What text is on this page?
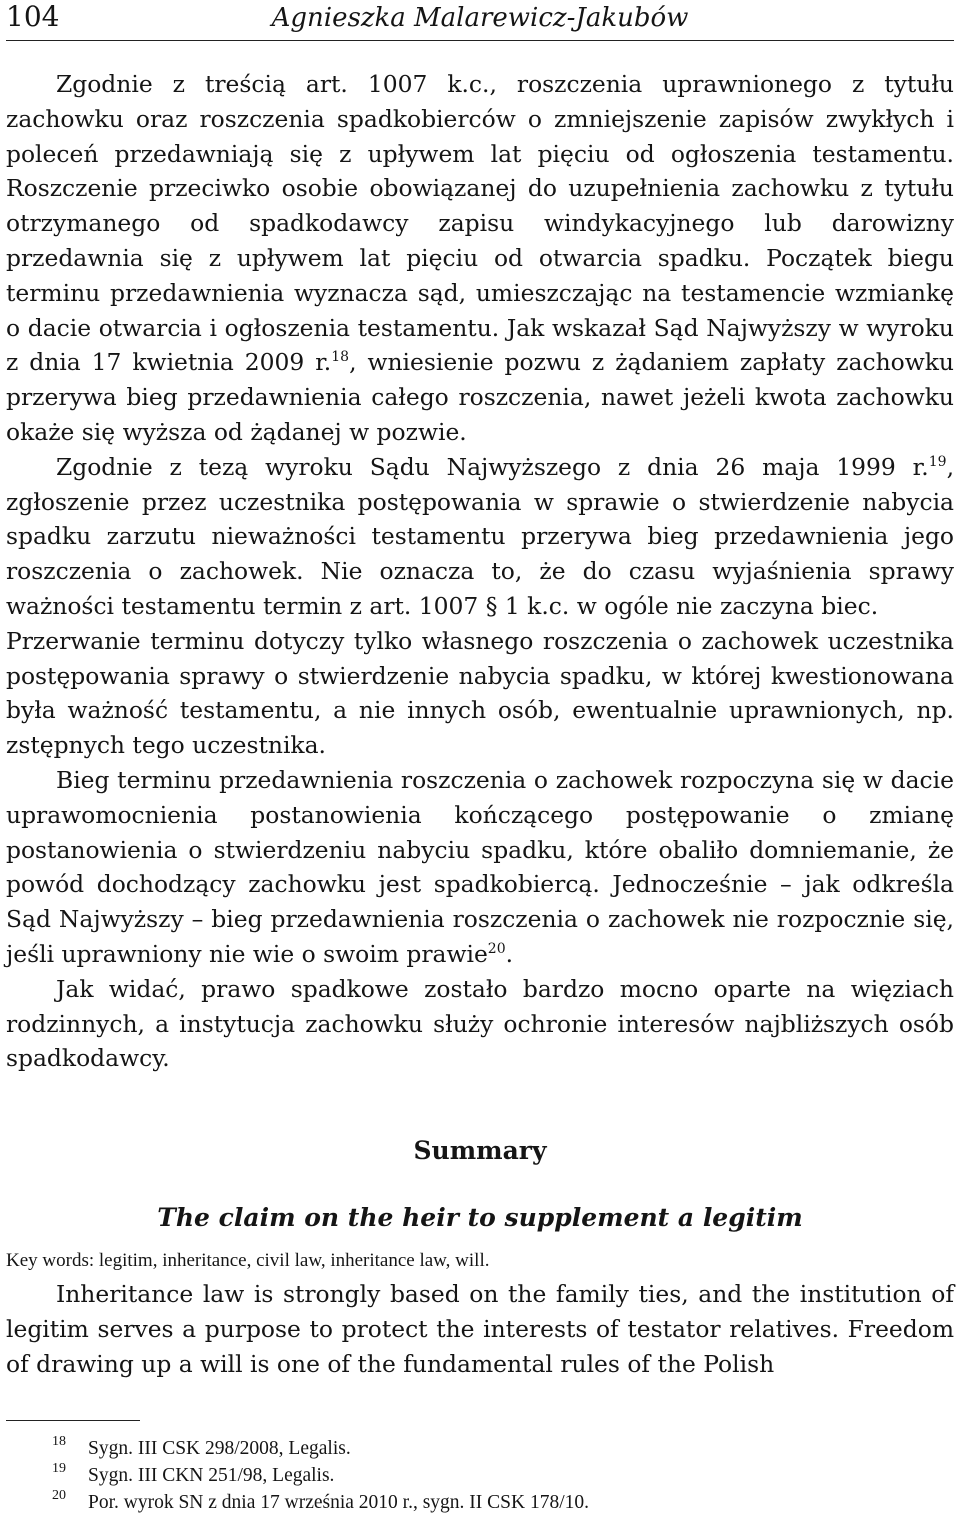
104	Agnieszka Malarewicz-Jakubów

Zgodnie z treścią art. 1007 k.c., roszczenia uprawnionego z tytułu zachowku oraz roszczenia spadkobierców o zmniejszenie zapisów zwykłych i poleceń przedawniają się z upływem lat pięciu od ogłoszenia testamentu. Roszczenie przeciwko osobie obowiązanej do uzupełnienia zachowku z tytułu otrzymanego od spadkodawcy zapisu windykacyjnego lub darowizny przedawnia się z upływem lat pięciu od otwarcia spadku. Początek biegu terminu przedawnienia wyznacza sąd, umieszczając na testamencie wzmiankę o dacie otwarcia i ogłoszenia testamentu. Jak wskazał Sąd Najwyższy w wyroku z dnia 17 kwietnia 2009 r.$^{18}$, wniesienie pozwu z żądaniem zapłaty zachowku przerywa bieg przedawnienia całego roszczenia, nawet jeżeli kwota zachowku okaże się wyższa od żądanej w pozwie.

Zgodnie z tezą wyroku Sądu Najwyższego z dnia 26 maja 1999 r.$^{19}$, zgłoszenie przez uczestnika postępowania w sprawie o stwierdzenie nabycia spadku zarzutu nieważności testamentu przerywa bieg przedawnienia jego roszczenia o zachowek. Nie oznacza to, że do czasu wyjaśnienia sprawy ważności testamentu termin z art. 1007 § 1 k.c. w ogóle nie zaczyna biec.

Przerwanie terminu dotyczy tylko własnego roszczenia o zachowek uczestnika postępowania sprawy o stwierdzenie nabycia spadku, w której kwestionowana była ważność testamentu, a nie innych osób, ewentualnie uprawnionych, np. zstępnych tego uczestnika.

Bieg terminu przedawnienia roszczenia o zachowek rozpoczyna się w dacie uprawomocnienia postanowienia kończącego postępowanie o zmianę postanowienia o stwierdzeniu nabyciu spadku, które obaliło domniemanie, że powód dochodzący zachowku jest spadkobiercą. Jednocześnie – jak odkreśla Sąd Najwyższy – bieg przedawnienia roszczenia o zachowek nie rozpocznie się, jeśli uprawniony nie wie o swoim prawie$^{20}$.

Jak widać, prawo spadkowe zostało bardzo mocno oparte na więziach rodzinnych, a instytucja zachowku służy ochronie interesów najbliższych osób spadkodawcy.

Summary
The claim on the heir to supplement a legitim
Key words: legitim, inheritance, civil law, inheritance law, will.

Inheritance law is strongly based on the family ties, and the institution of legitim serves a purpose to protect the interests of testator relatives. Freedom of drawing up a will is one of the fundamental rules of the Polish

18	Sygn. III CSK 298/2008, Legalis.
19	Sygn. III CKN 251/98, Legalis.
20	Por. wyrok SN z dnia 17 września 2010 r., sygn. II CSK 178/10.
